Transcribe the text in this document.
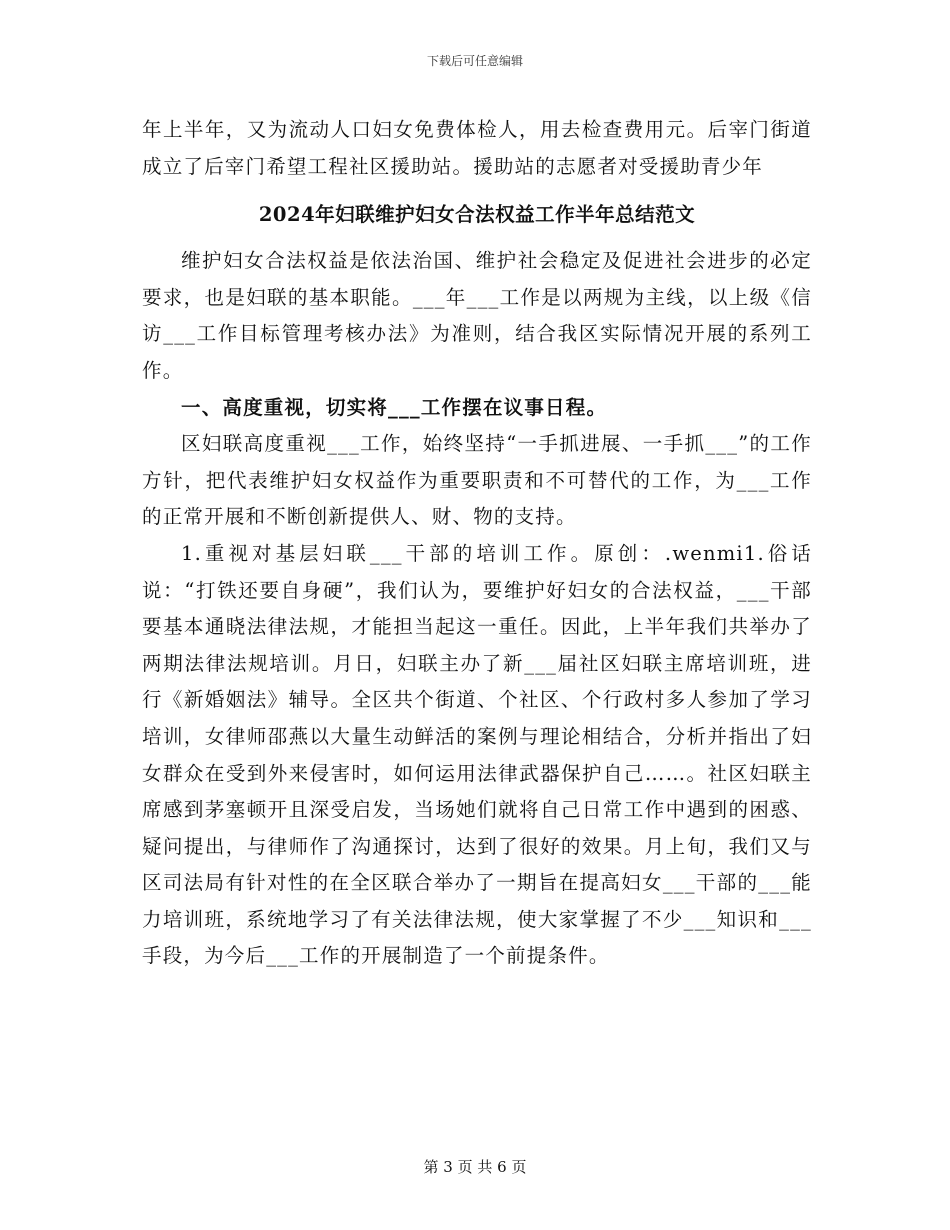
下载后可任意编辑

年上半年，又为流动人口妇女免费体检人，用去检查费用元。后宰门街道成立了后宰门希望工程社区援助站。援助站的志愿者对受援助青少年

2024年妇联维护妇女合法权益工作半年总结范文

维护妇女合法权益是依法治国、维护社会稳定及促进社会进步的必定要求，也是妇联的基本职能。___年___工作是以两规为主线，以上级《信访___工作目标管理考核办法》为准则，结合我区实际情况开展的系列工作。

一、高度重视，切实将___工作摆在议事日程。

区妇联高度重视___工作，始终坚持“一手抓进展、一手抓___”的工作方针，把代表维护妇女权益作为重要职责和不可替代的工作，为___工作的正常开展和不断创新提供人、财、物的支持。

1.重视对基层妇联___干部的培训工作。原创：.wenmi1.俗话说：“打铁还要自身硬”，我们认为，要维护好妇女的合法权益，___干部要基本通晓法律法规，才能担当起这一重任。因此，上半年我们共举办了两期法律法规培训。月日，妇联主办了新___届社区妇联主席培训班，进行《新婚姻法》辅导。全区共个街道、个社区、个行政村多人参加了学习培训，女律师邵燕以大量生动鲜活的案例与理论相结合，分析并指出了妇女群众在受到外来侵害时，如何运用法律武器保护自己……。社区妇联主席感到茅塞顿开且深受启发，当场她们就将自己日常工作中遇到的困惑、疑问提出，与律师作了沟通探讨，达到了很好的效果。月上旬，我们又与区司法局有针对性的在全区联合举办了一期旨在提高妇女___干部的___能力培训班，系统地学习了有关法律法规，使大家掌握了不少___知识和___手段，为今后___工作的开展制造了一个前提条件。

第 3 页 共 6 页
